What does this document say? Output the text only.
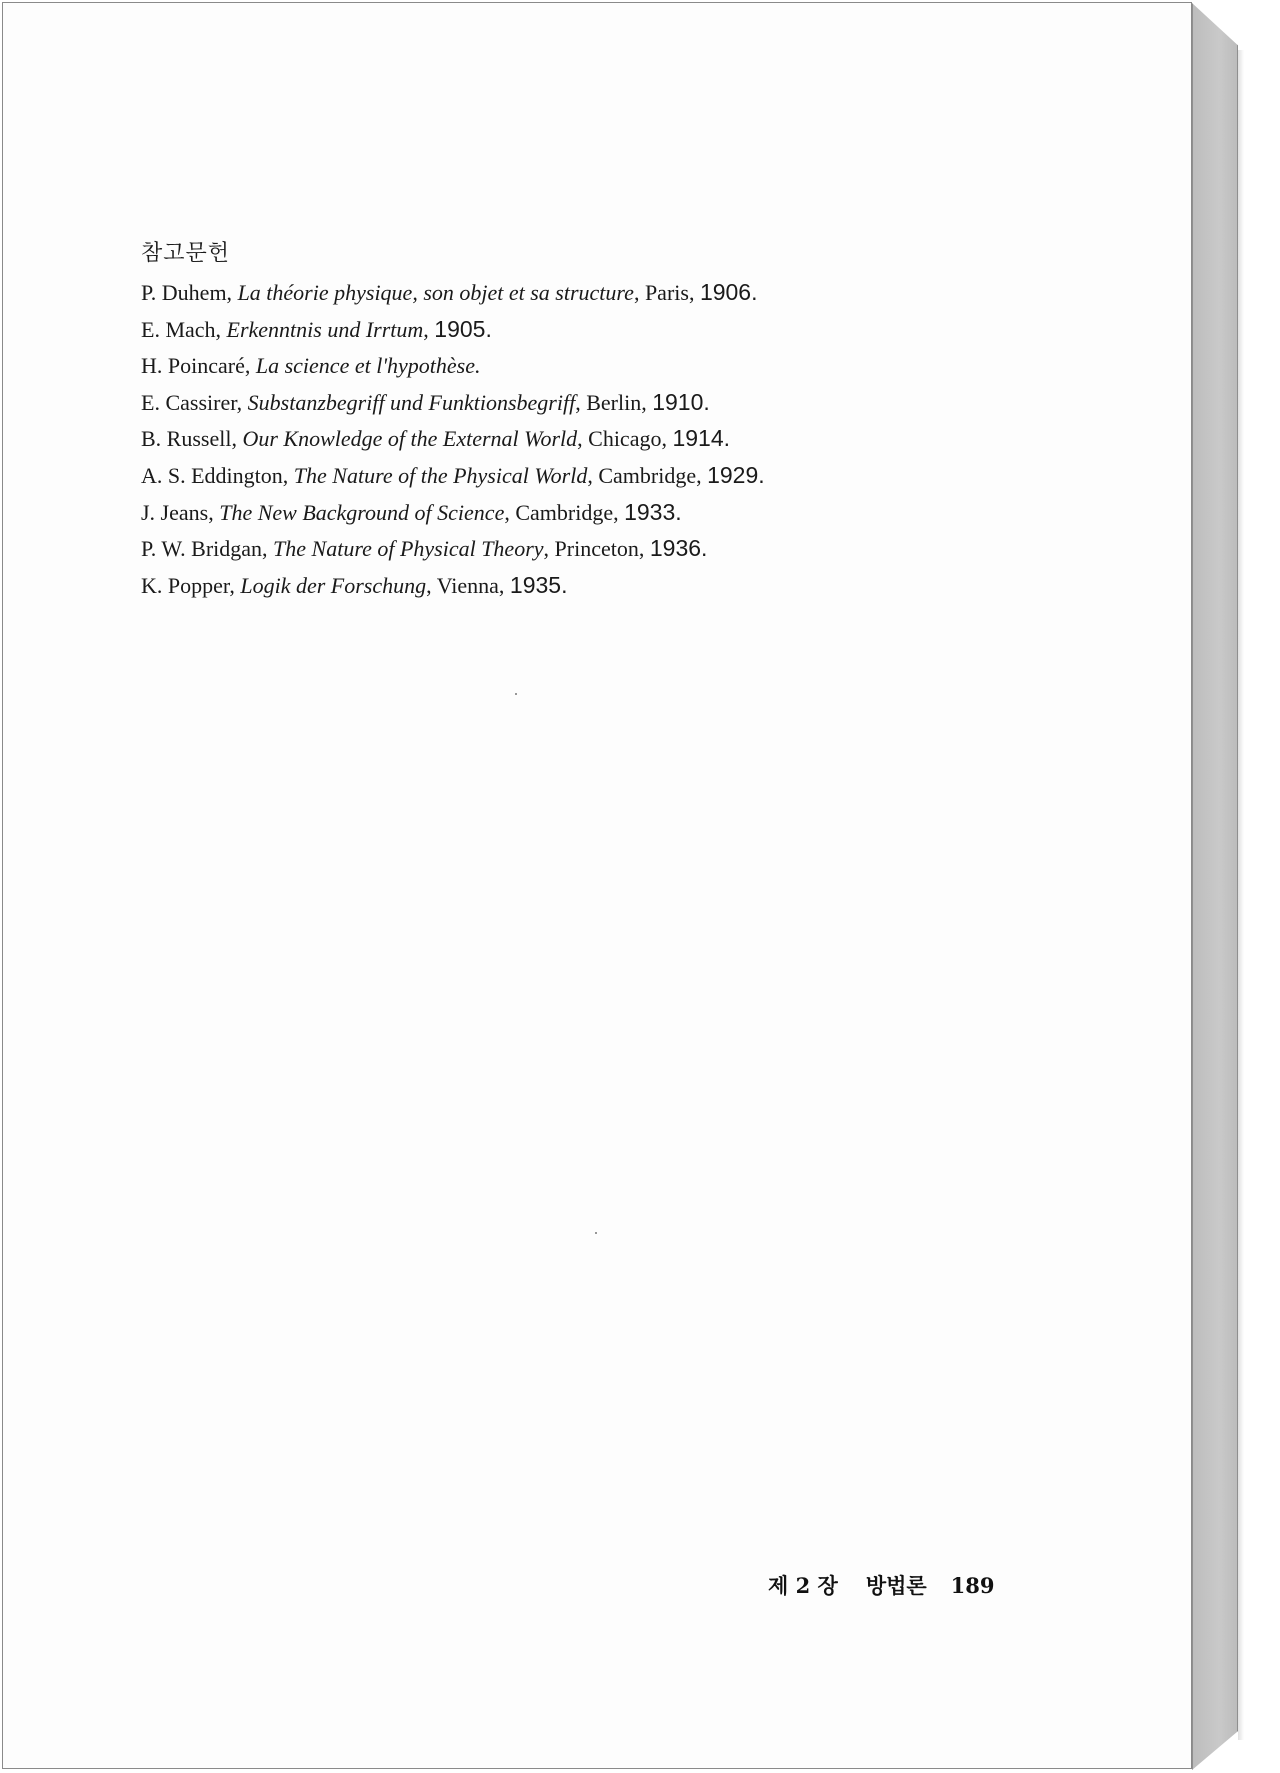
참고문헌
P. Duhem, La théorie physique, son objet et sa structure, Paris, 1906.
E. Mach, Erkenntnis und Irrtum, 1905.
H. Poincaré, La science et l'hypothèse.
E. Cassirer, Substanzbegriff und Funktionsbegriff, Berlin, 1910.
B. Russell, Our Knowledge of the External World, Chicago, 1914.
A. S. Eddington, The Nature of the Physical World, Cambridge, 1929.
J. Jeans, The New Background of Science, Cambridge, 1933.
P. W. Bridgan, The Nature of Physical Theory, Princeton, 1936.
K. Popper, Logik der Forschung, Vienna, 1935.
제 2 장 방법론 189
